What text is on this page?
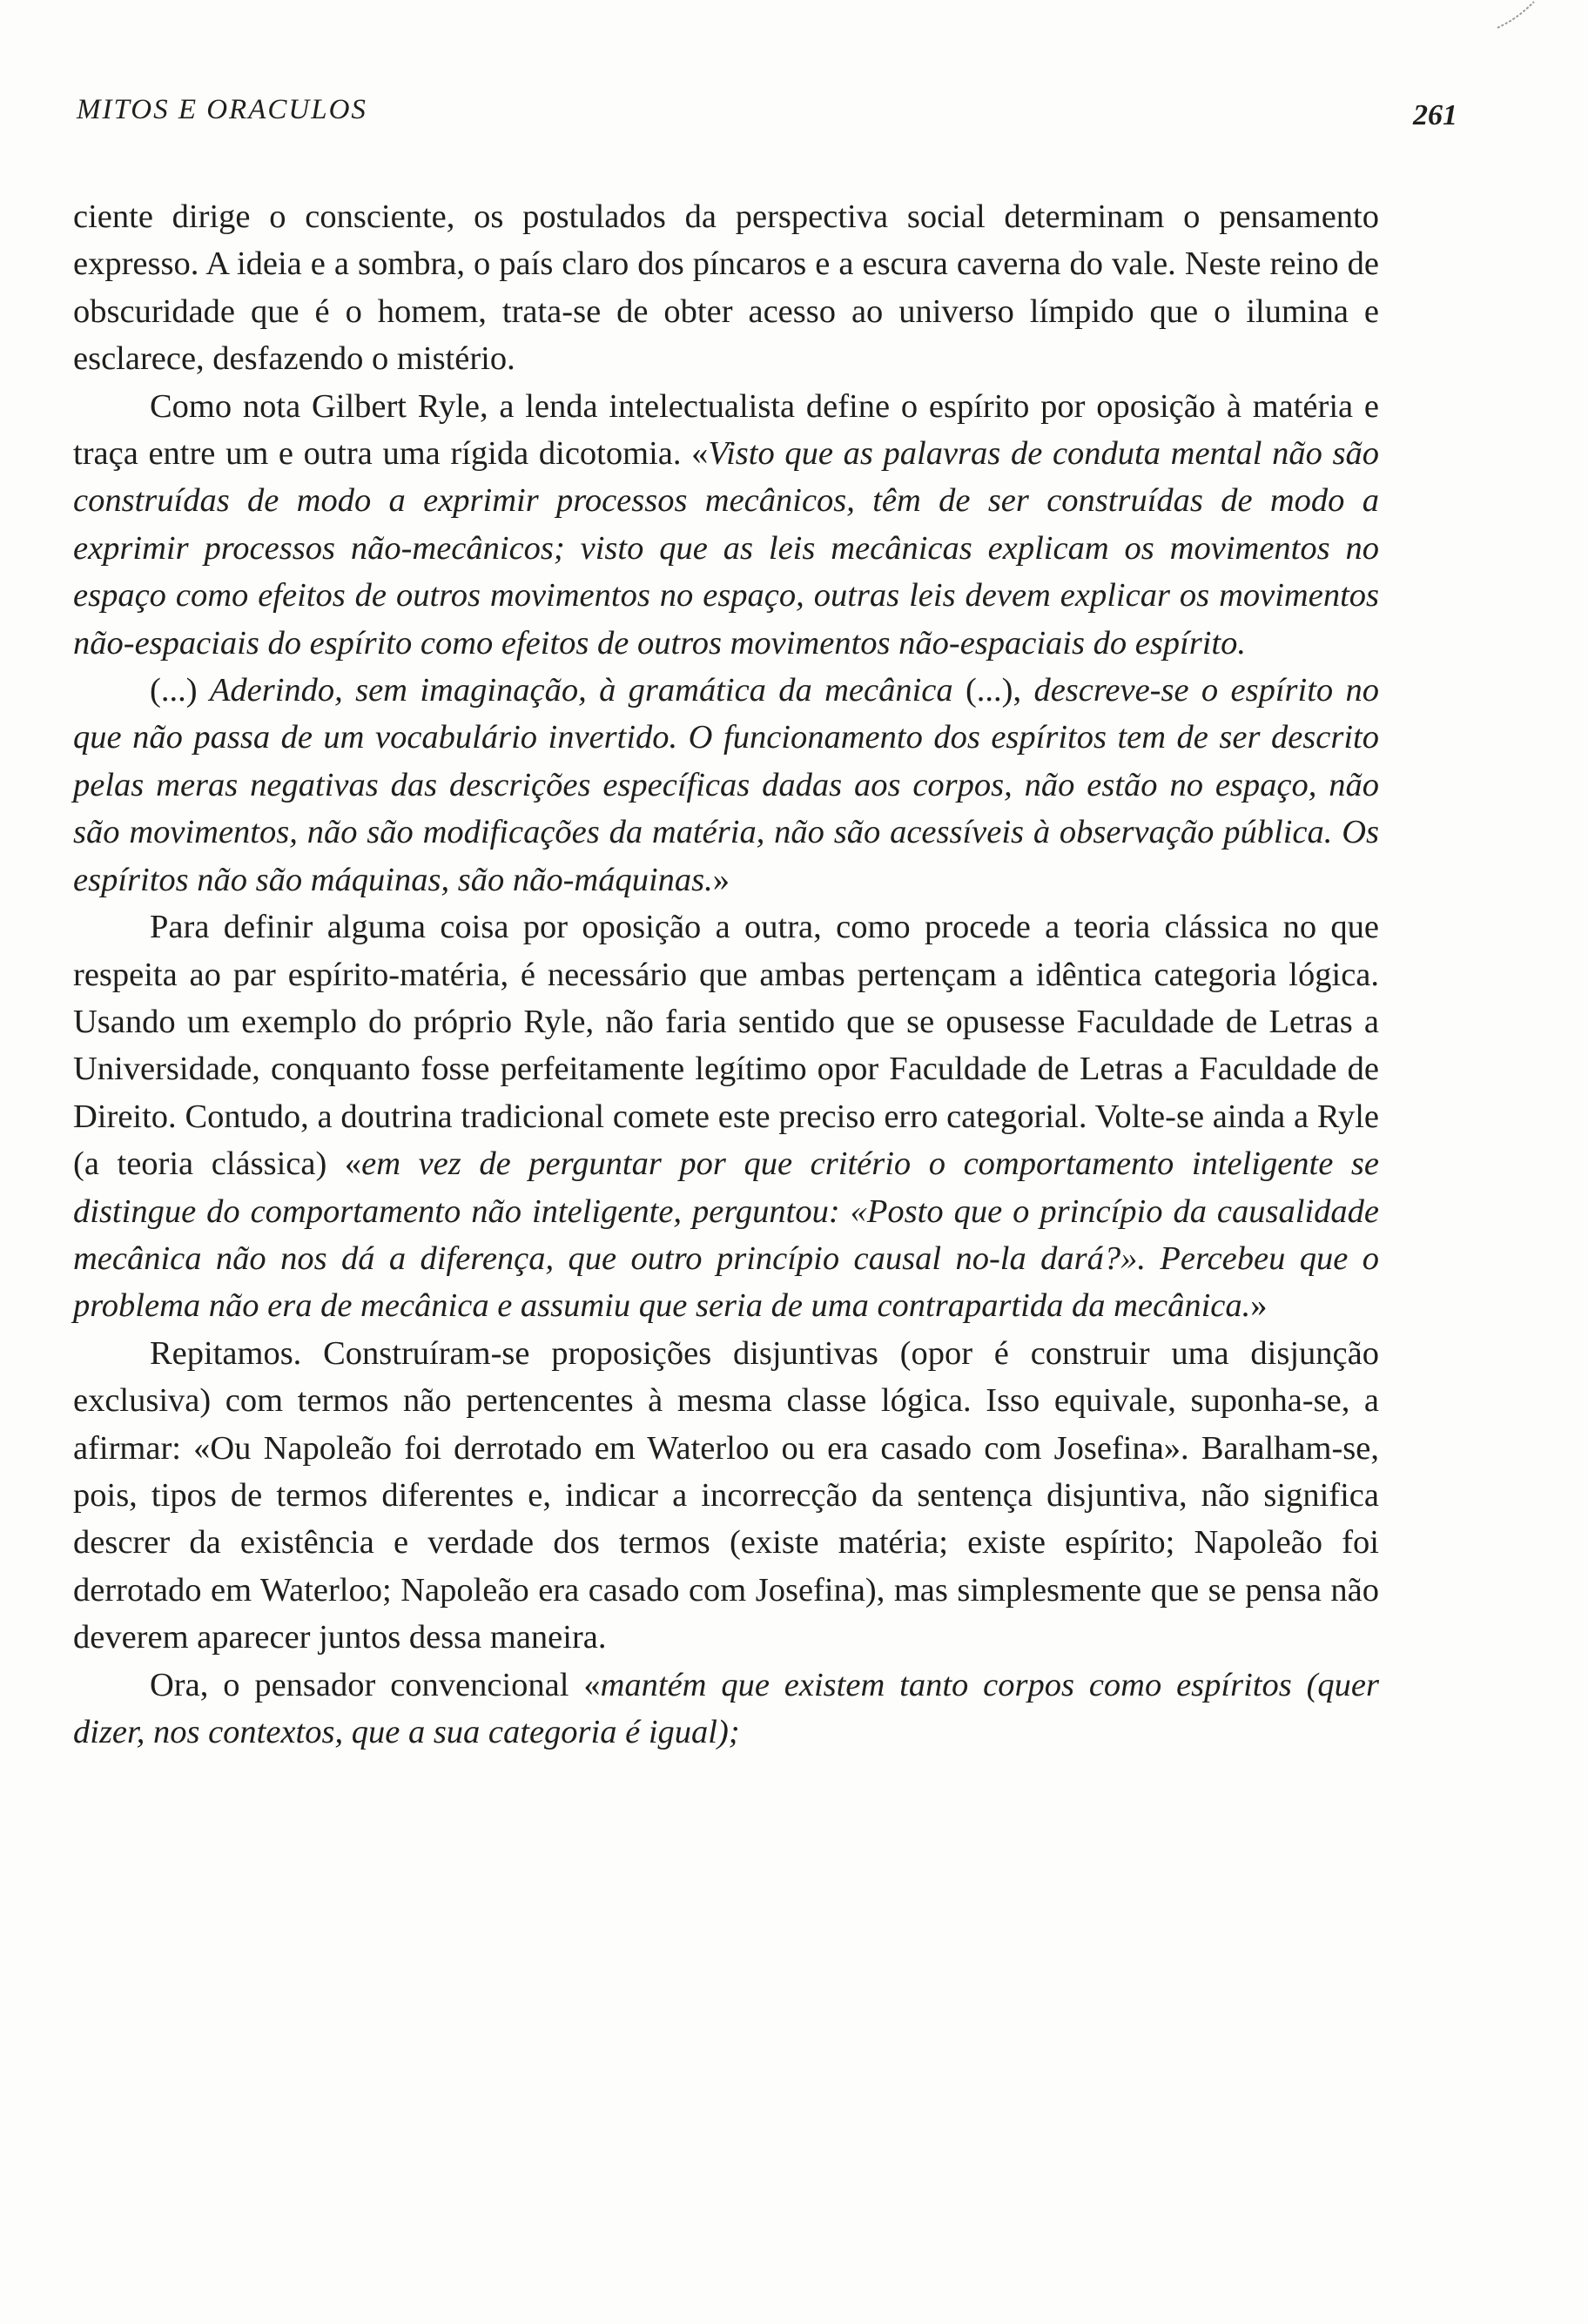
MITOS E ORACULOS	261

ciente dirige o consciente, os postulados da perspectiva social determinam o pensamento expresso. A ideia e a sombra, o país claro dos píncaros e a escura caverna do vale. Neste reino de obscuridade que é o homem, trata-se de obter acesso ao universo límpido que o ilumina e esclarece, desfazendo o mistério.

Como nota Gilbert Ryle, a lenda intelectualista define o espírito por oposição à matéria e traça entre um e outra uma rígida dicotomia. «Visto que as palavras de conduta mental não são construídas de modo a exprimir processos mecânicos, têm de ser construídas de modo a exprimir processos não-mecânicos; visto que as leis mecânicas explicam os movimentos no espaço como efeitos de outros movimentos no espaço, outras leis devem explicar os movimentos não-espaciais do espírito como efeitos de outros movimentos não-espaciais do espírito.

(...) Aderindo, sem imaginação, à gramática da mecânica (...), descreve-se o espírito no que não passa de um vocabulário invertido. O funcionamento dos espíritos tem de ser descrito pelas meras negativas das descrições específicas dadas aos corpos, não estão no espaço, não são movimentos, não são modificações da matéria, não são acessíveis à observação pública. Os espíritos não são máquinas, são não-máquinas.»

Para definir alguma coisa por oposição a outra, como procede a teoria clássica no que respeita ao par espírito-matéria, é necessário que ambas pertençam a idêntica categoria lógica. Usando um exemplo do próprio Ryle, não faria sentido que se opusesse Faculdade de Letras a Universidade, conquanto fosse perfeitamente legítimo opor Faculdade de Letras a Faculdade de Direito. Contudo, a doutrina tradicional comete este preciso erro categorial. Volte-se ainda a Ryle (a teoria clássica) «em vez de perguntar por que critério o comportamento inteligente se distingue do comportamento não inteligente, perguntou: «Posto que o princípio da causalidade mecânica não nos dá a diferença, que outro princípio causal no-la dará?». Percebeu que o problema não era de mecânica e assumiu que seria de uma contrapartida da mecânica.»

Repitamos. Construíram-se proposições disjuntivas (opor é construir uma disjunção exclusiva) com termos não pertencentes à mesma classe lógica. Isso equivale, suponha-se, a afirmar: «Ou Napoleão foi derrotado em Waterloo ou era casado com Josefina». Baralham-se, pois, tipos de termos diferentes e, indicar a incorrecção da sentença disjuntiva, não significa descrer da existência e verdade dos termos (existe matéria; existe espírito; Napoleão foi derrotado em Waterloo; Napoleão era casado com Josefina), mas simplesmente que se pensa não deverem aparecer juntos dessa maneira.

Ora, o pensador convencional «mantém que existem tanto corpos como espíritos (quer dizer, nos contextos, que a sua categoria é igual);
